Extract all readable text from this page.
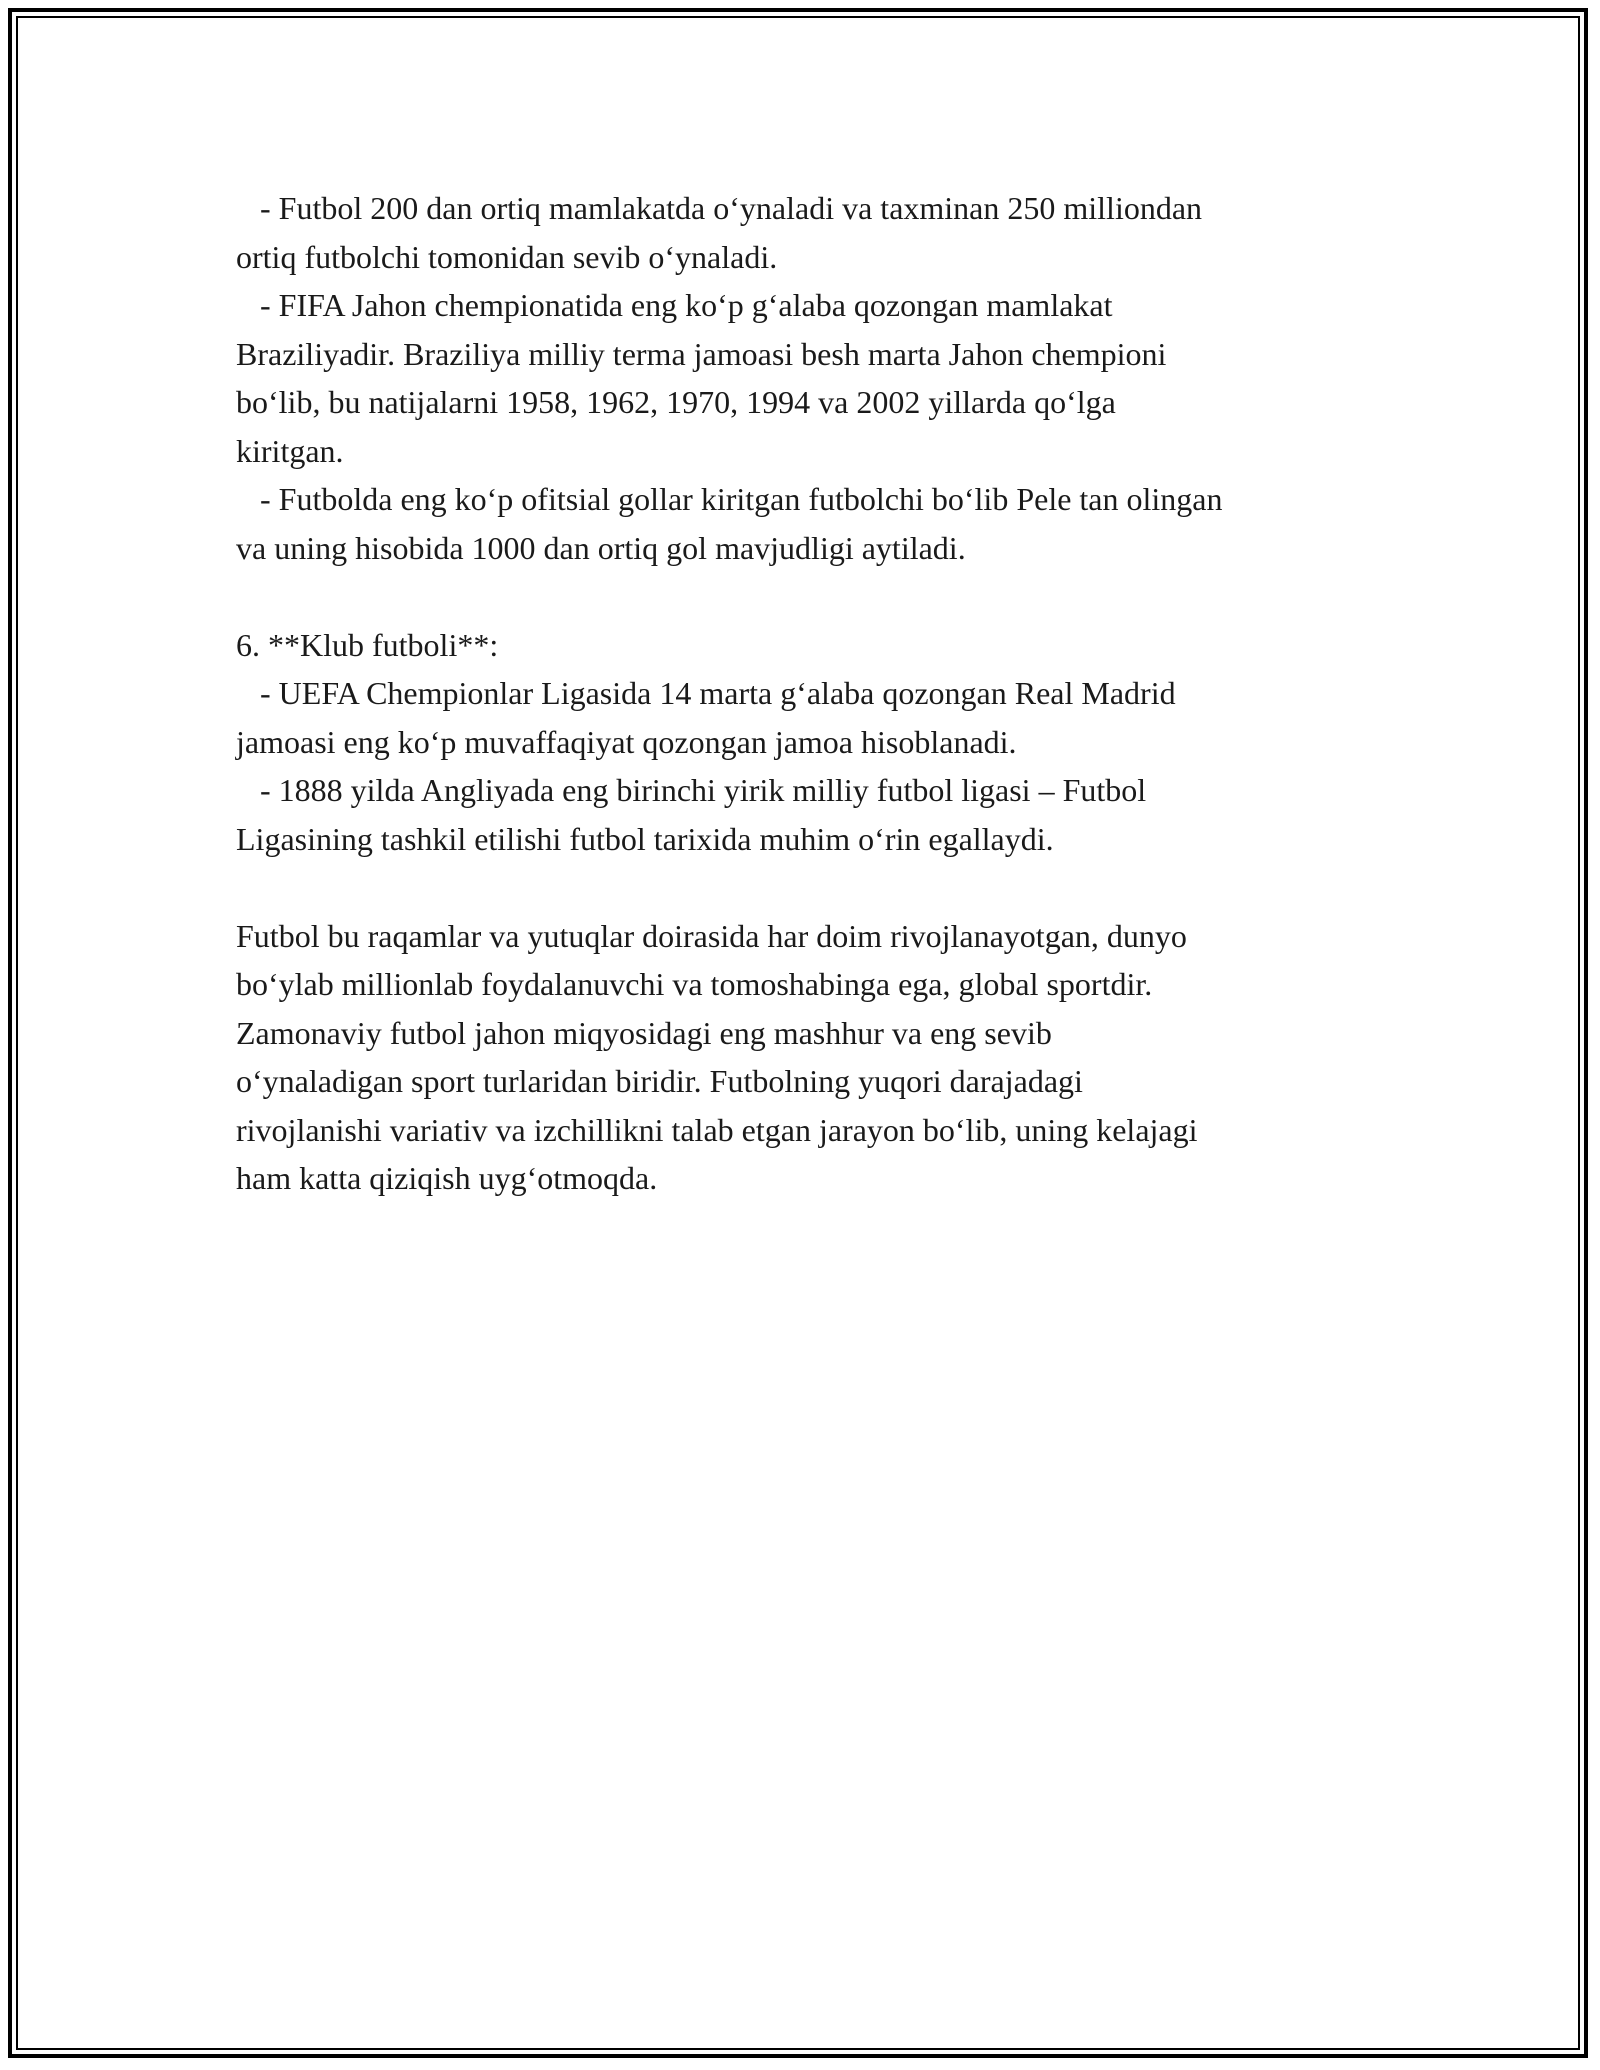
- Futbol 200 dan ortiq mamlakatda o‘ynaladi va taxminan 250 milliondan
ortiq futbolchi tomonidan sevib o‘ynaladi.
- FIFA Jahon chempionatida eng ko‘p g‘alaba qozongan mamlakat
Braziliyadir. Braziliya milliy terma jamoasi besh marta Jahon chempioni
bo‘lib, bu natijalarni 1958, 1962, 1970, 1994 va 2002 yillarda qo‘lga
kiritgan.
- Futbolda eng ko‘p ofitsial gollar kiritgan futbolchi bo‘lib Pele tan olingan
va uning hisobida 1000 dan ortiq gol mavjudligi aytiladi.
6. **Klub futboli**:
- UEFA Chempionlar Ligasida 14 marta g‘alaba qozongan Real Madrid
jamoasi eng ko‘p muvaffaqiyat qozongan jamoa hisoblanadi.
- 1888 yilda Angliyada eng birinchi yirik milliy futbol ligasi – Futbol
Ligasining tashkil etilishi futbol tarixida muhim o‘rin egallaydi.
Futbol bu raqamlar va yutuqlar doirasida har doim rivojlanayotgan, dunyo
bo‘ylab millionlab foydalanuvchi va tomoshabinga ega, global sportdir.
Zamonaviy futbol jahon miqyosidagi eng mashhur va eng sevib
o‘ynaladigan sport turlaridan biridir. Futbolning yuqori darajadagi
rivojlanishi variativ va izchillikni talab etgan jarayon bo‘lib, uning kelajagi
ham katta qiziqish uyg‘otmoqda.
